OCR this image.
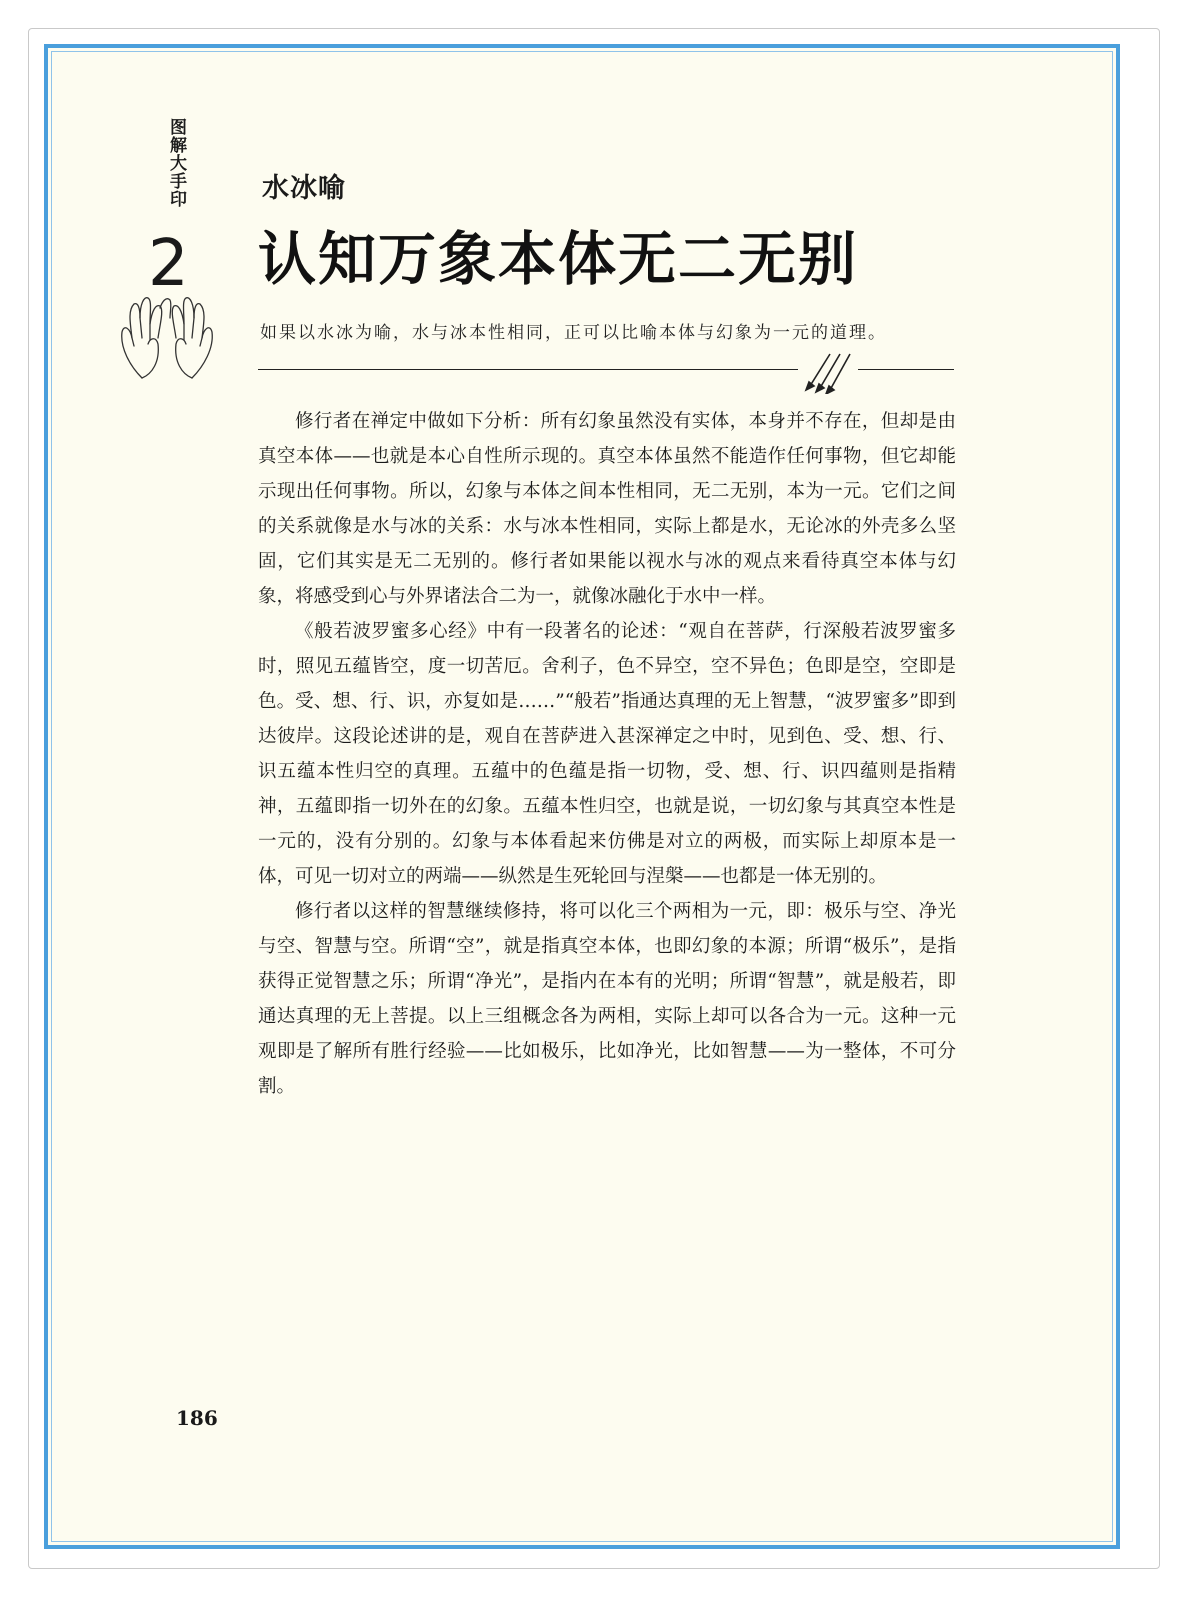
图解大手印
2
水冰喻
认知万象本体无二无别
如果以水冰为喻，水与冰本性相同，正可以比喻本体与幻象为一元的道理。

修行者在禅定中做如下分析：所有幻象虽然没有实体，本身并不存在，但却是由真空本体——也就是本心自性所示现的。真空本体虽然不能造作任何事物，但它却能示现出任何事物。所以，幻象与本体之间本性相同，无二无别，本为一元。它们之间的关系就像是水与冰的关系：水与冰本性相同，实际上都是水，无论冰的外壳多么坚固，它们其实是无二无别的。修行者如果能以视水与冰的观点来看待真空本体与幻象，将感受到心与外界诸法合二为一，就像冰融化于水中一样。

《般若波罗蜜多心经》中有一段著名的论述：“观自在菩萨，行深般若波罗蜜多时，照见五蕴皆空，度一切苦厄。舍利子，色不异空，空不异色；色即是空，空即是色。受、想、行、识，亦复如是……”“般若”指通达真理的无上智慧，“波罗蜜多”即到达彼岸。这段论述讲的是，观自在菩萨进入甚深禅定之中时，见到色、受、想、行、识五蕴本性归空的真理。五蕴中的色蕴是指一切物，受、想、行、识四蕴则是指精神，五蕴即指一切外在的幻象。五蕴本性归空，也就是说，一切幻象与其真空本性是一元的，没有分别的。幻象与本体看起来仿佛是对立的两极，而实际上却原本是一体，可见一切对立的两端——纵然是生死轮回与涅槃——也都是一体无别的。

修行者以这样的智慧继续修持，将可以化三个两相为一元，即：极乐与空、净光与空、智慧与空。所谓“空”，就是指真空本体，也即幻象的本源；所谓“极乐”，是指获得正觉智慧之乐；所谓“净光”，是指内在本有的光明；所谓“智慧”，就是般若，即通达真理的无上菩提。以上三组概念各为两相，实际上却可以各合为一元。这种一元观即是了解所有胜行经验——比如极乐，比如净光，比如智慧——为一整体，不可分割。

186
